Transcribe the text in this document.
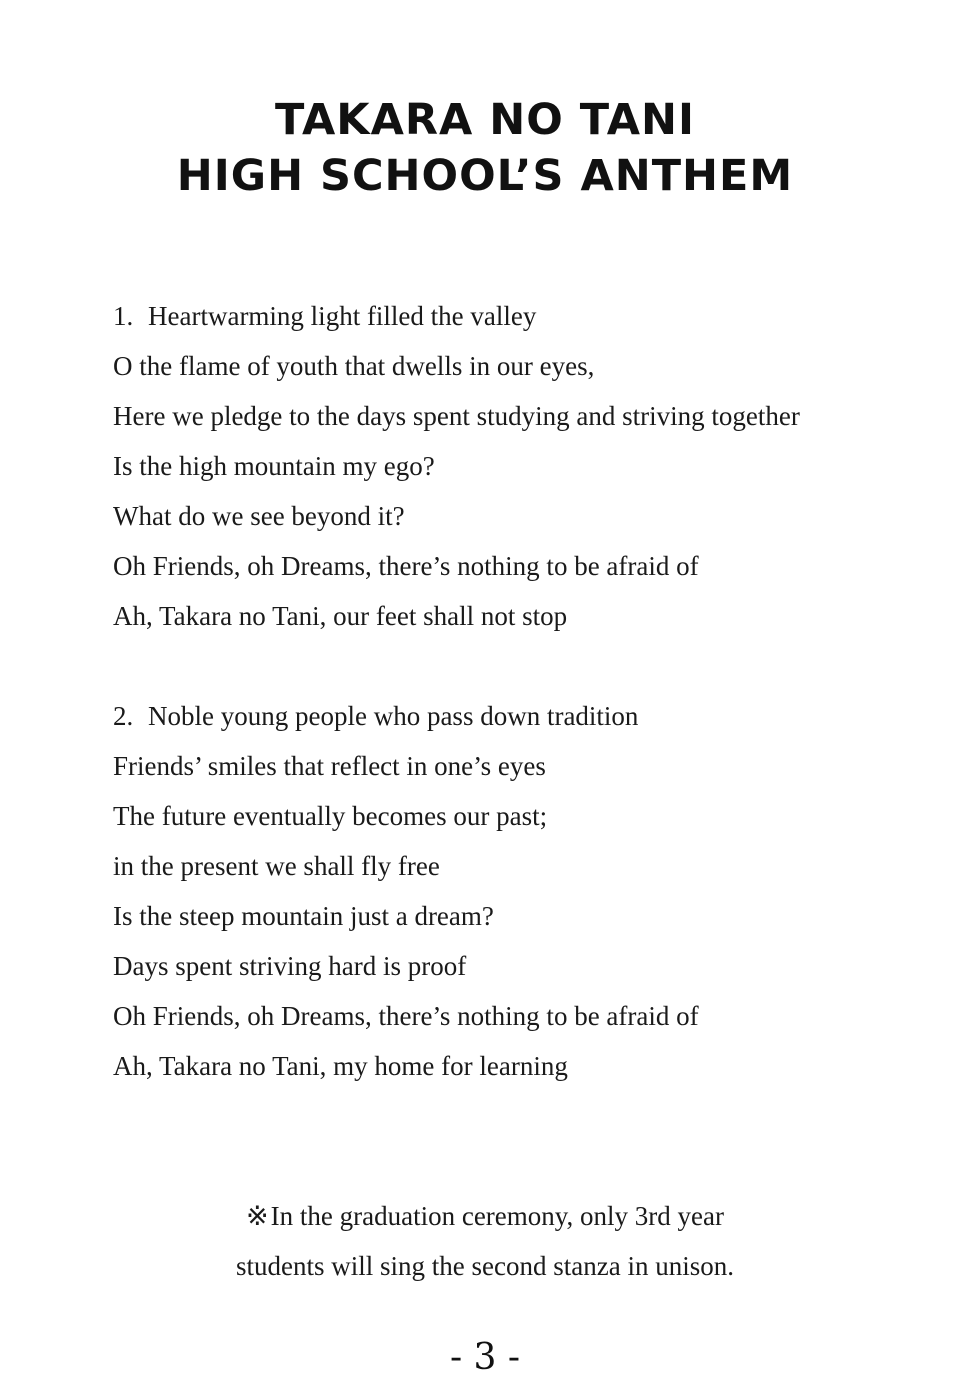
TAKARA NO TANI
HIGH SCHOOL’S ANTHEM
1. Heartwarming light filled the valley
O the flame of youth that dwells in our eyes,
Here we pledge to the days spent studying and striving together
Is the high mountain my ego?
What do we see beyond it?
Oh Friends, oh Dreams, there’s nothing to be afraid of
Ah, Takara no Tani, our feet shall not stop
2. Noble young people who pass down tradition
Friends’ smiles that reflect in one’s eyes
The future eventually becomes our past;
in the present we shall fly free
Is the steep mountain just a dream?
Days spent striving hard is proof
Oh Friends, oh Dreams, there’s nothing to be afraid of
Ah, Takara no Tani, my home for learning
※In the graduation ceremony, only 3rd year
students will sing the second stanza in unison.
- 3 -
